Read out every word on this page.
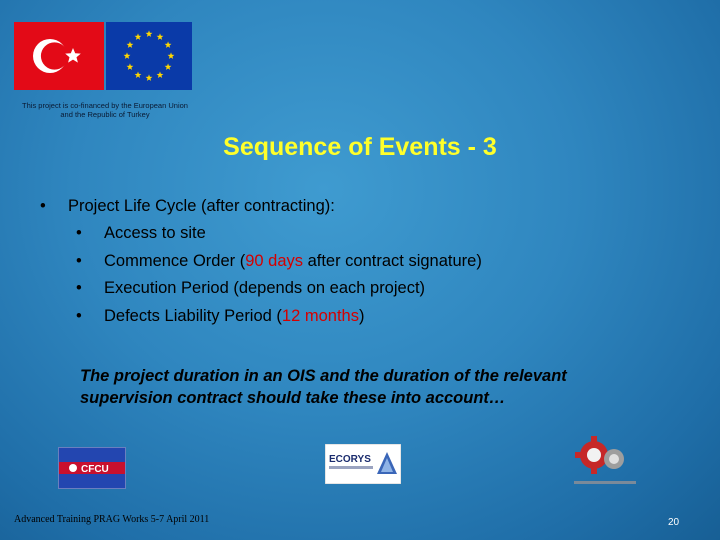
This project is co-financed by the European Union
and the Republic of Turkey
Sequence of Events - 3
•	Project Life Cycle (after contracting):
•	Access to site
•	Commence Order (90 days after contract signature)
•	Execution Period (depends on each project)
•	Defects Liability Period (12 months)
The project duration in an OIS and the duration of the relevant
supervision contract should take these into account…
CFCU
ECORYS
Advanced Training PRAG Works 5-7 April 2011	20
